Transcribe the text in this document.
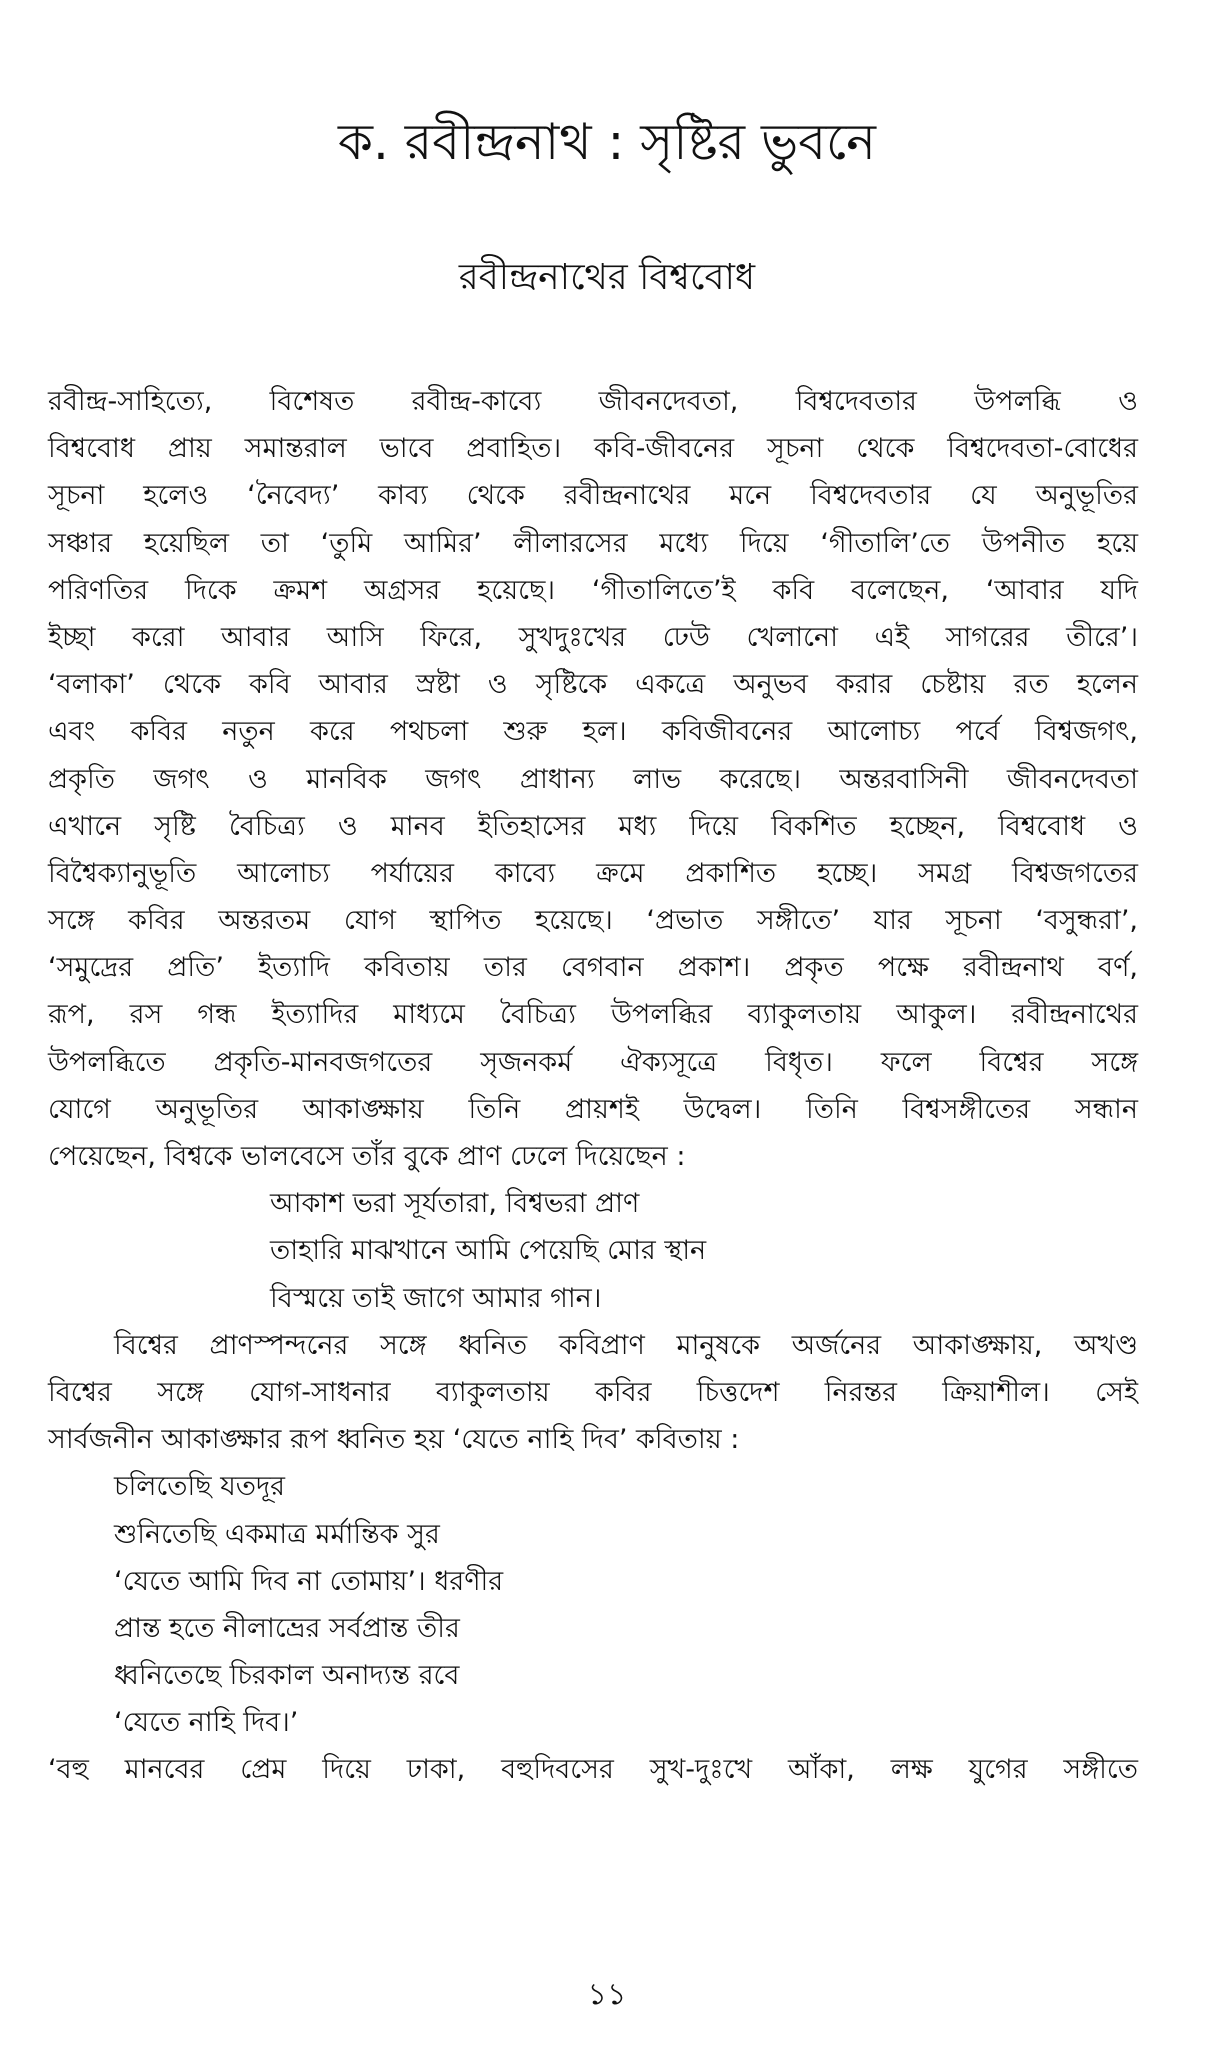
ক. রবীন্দ্রনাথ : সৃষ্টির ভুবনে
রবীন্দ্রনাথের বিশ্ববোধ
রবীন্দ্র-সাহিত্যে, বিশেষত রবীন্দ্র-কাব্যে জীবনদেবতা, বিশ্বদেবতার উপলব্ধি ও
বিশ্ববোধ প্রায় সমান্তরাল ভাবে প্রবাহিত। কবি-জীবনের সূচনা থেকে বিশ্বদেবতা-বোধের
সূচনা হলেও ‘নৈবেদ্য’ কাব্য থেকে রবীন্দ্রনাথের মনে বিশ্বদেবতার যে অনুভূতির
সঞ্চার হয়েছিল তা ‘তুমি আমির’ লীলারসের মধ্যে দিয়ে ‘গীতালি’তে উপনীত হয়ে
পরিণতির দিকে ক্রমশ অগ্রসর হয়েছে। ‘গীতালিতে’ই কবি বলেছেন, ‘আবার যদি
ইচ্ছা করো আবার আসি ফিরে, সুখদুঃখের ঢেউ খেলানো এই সাগরের তীরে’।
‘বলাকা’ থেকে কবি আবার স্রষ্টা ও সৃষ্টিকে একত্রে অনুভব করার চেষ্টায় রত হলেন
এবং কবির নতুন করে পথচলা শুরু হল। কবিজীবনের আলোচ্য পর্বে বিশ্বজগৎ,
প্রকৃতি জগৎ ও মানবিক জগৎ প্রাধান্য লাভ করেছে। অন্তরবাসিনী জীবনদেবতা
এখানে সৃষ্টি বৈচিত্র্য ও মানব ইতিহাসের মধ্য দিয়ে বিকশিত হচ্ছেন, বিশ্ববোধ ও
বিশ্বৈক্যানুভূতি আলোচ্য পর্যায়ের কাব্যে ক্রমে প্রকাশিত হচ্ছে। সমগ্র বিশ্বজগতের
সঙ্গে কবির অন্তরতম যোগ স্থাপিত হয়েছে। ‘প্রভাত সঙ্গীতে’ যার সূচনা ‘বসুন্ধরা’,
‘সমুদ্রের প্রতি’ ইত্যাদি কবিতায় তার বেগবান প্রকাশ। প্রকৃত পক্ষে রবীন্দ্রনাথ বর্ণ,
রূপ, রস গন্ধ ইত্যাদির মাধ্যমে বৈচিত্র্য উপলব্ধির ব্যাকুলতায় আকুল। রবীন্দ্রনাথের
উপলব্ধিতে প্রকৃতি-মানবজগতের সৃজনকর্ম ঐক্যসূত্রে বিধৃত। ফলে বিশ্বের সঙ্গে
যোগে অনুভূতির আকাঙ্ক্ষায় তিনি প্রায়শই উদ্বেল। তিনি বিশ্বসঙ্গীতের সন্ধান
পেয়েছেন, বিশ্বকে ভালবেসে তাঁর বুকে প্রাণ ঢেলে দিয়েছেন :
আকাশ ভরা সূর্যতারা, বিশ্বভরা প্রাণ
তাহারি মাঝখানে আমি পেয়েছি মোর স্থান
বিস্ময়ে তাই জাগে আমার গান।
বিশ্বের প্রাণস্পন্দনের সঙ্গে ধ্বনিত কবিপ্রাণ মানুষকে অর্জনের আকাঙ্ক্ষায়, অখণ্ড
বিশ্বের সঙ্গে যোগ-সাধনার ব্যাকুলতায় কবির চিত্তদেশ নিরন্তর ক্রিয়াশীল। সেই
সার্বজনীন আকাঙ্ক্ষার রূপ ধ্বনিত হয় ‘যেতে নাহি দিব’ কবিতায় :
চলিতেছি যতদূর
শুনিতেছি একমাত্র মর্মান্তিক সুর
‘যেতে আমি দিব না তোমায়’। ধরণীর
প্রান্ত হতে নীলাভ্রের সর্বপ্রান্ত তীর
ধ্বনিতেছে চিরকাল অনাদ্যন্ত রবে
‘যেতে নাহি দিব।’
‘বহু মানবের প্রেম দিয়ে ঢাকা, বহুদিবসের সুখ-দুঃখে আঁকা, লক্ষ যুগের সঙ্গীতে
১১
